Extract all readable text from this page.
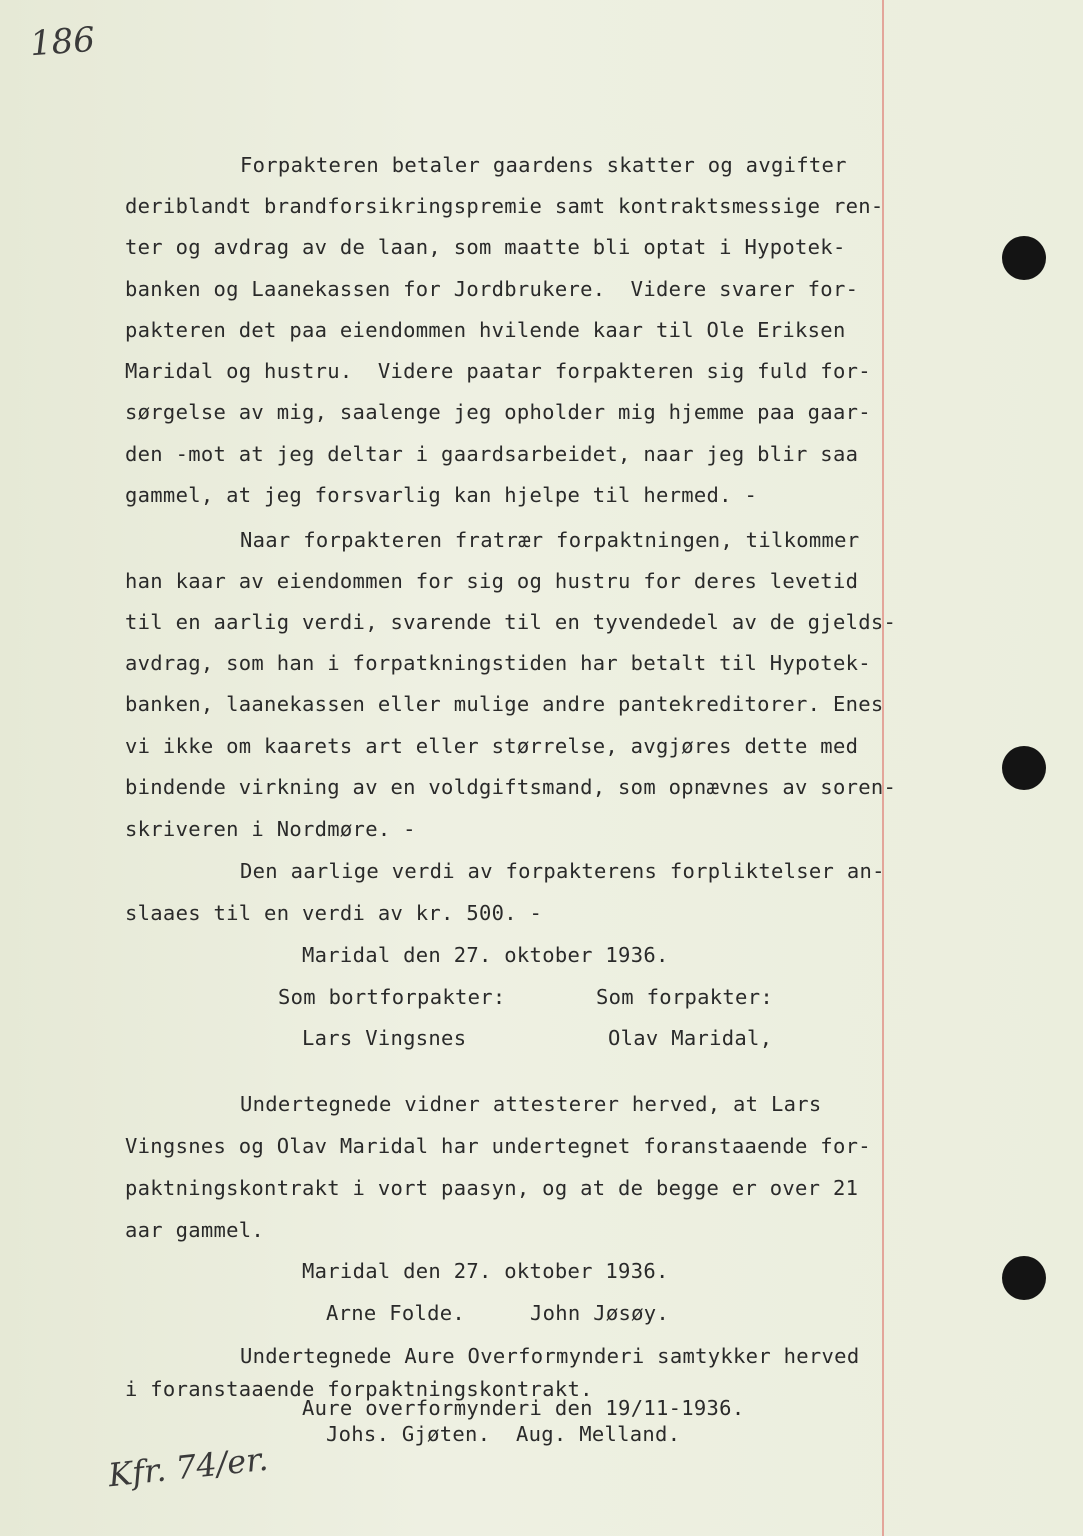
186
Forpakteren betaler gaardens skatter og avgifter
deriblandt brandforsikringspremie samt kontraktsmessige ren-
ter og avdrag av de laan, som maatte bli optat i Hypotek-
banken og Laanekassen for Jordbrukere.  Videre svarer for-
pakteren det paa eiendommen hvilende kaar til Ole Eriksen
Maridal og hustru.  Videre paatar forpakteren sig fuld for-
sørgelse av mig, saalenge jeg opholder mig hjemme paa gaar-
den -mot at jeg deltar i gaardsarbeidet, naar jeg blir saa
gammel, at jeg forsvarlig kan hjelpe til hermed. -
Naar forpakteren fratrær forpaktningen, tilkommer
han kaar av eiendommen for sig og hustru for deres levetid
til en aarlig verdi, svarende til en tyvendedel av de gjelds-
avdrag, som han i forpatkningstiden har betalt til Hypotek-
banken, laanekassen eller mulige andre pantekreditorer. Enes
vi ikke om kaarets art eller størrelse, avgjøres dette med
bindende virkning av en voldgiftsmand, som opnævnes av soren-
skriveren i Nordmøre. -
Den aarlige verdi av forpakterens forpliktelser an-
slaaes til en verdi av kr. 500. -
Maridal den 27. oktober 1936.
Som bortforpakter:	Som forpakter:
Lars Vingsnes	Olav Maridal,
Undertegnede vidner attesterer herved, at Lars
Vingsnes og Olav Maridal har undertegnet foranstaaende for-
paktningskontrakt i vort paasyn, og at de begge er over 21
aar gammel.
Maridal den 27. oktober 1936.
Arne Folde.	John Jøsøy.
Undertegnede Aure Overformynderi samtykker herved
i foranstaaende forpaktningskontrakt.
Aure overformynderi den 19/11-1936.
Johs. Gjøten. Aug. Melland.
Kfr. 74/er.
